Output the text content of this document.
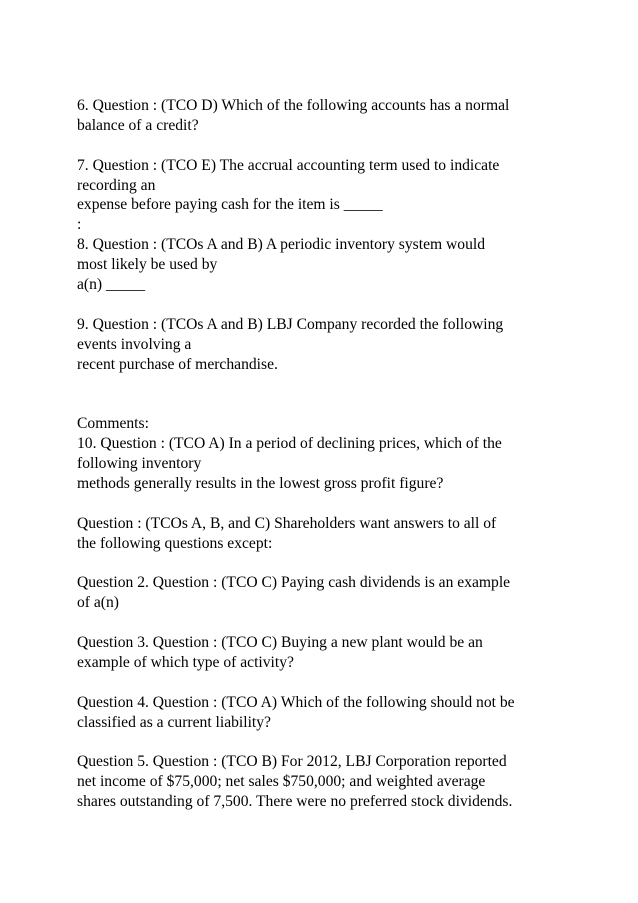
6. Question : (TCO D) Which of the following accounts has a normal
balance of a credit?
7. Question : (TCO E) The accrual accounting term used to indicate
recording an
expense before paying cash for the item is _____
:
8. Question : (TCOs A and B) A periodic inventory system would
most likely be used by
a(n) _____
9. Question : (TCOs A and B) LBJ Company recorded the following
events involving a
recent purchase of merchandise.
Comments:
10. Question : (TCO A) In a period of declining prices, which of the
following inventory
methods generally results in the lowest gross profit figure?
Question : (TCOs A, B, and C) Shareholders want answers to all of
the following questions except:
Question 2. Question : (TCO C) Paying cash dividends is an example
of a(n)
Question 3. Question : (TCO C) Buying a new plant would be an
example of which type of activity?
Question 4. Question : (TCO A) Which of the following should not be
classified as a current liability?
Question 5. Question : (TCO B) For 2012, LBJ Corporation reported
net income of $75,000; net sales $750,000; and weighted average
shares outstanding of 7,500. There were no preferred stock dividends.
